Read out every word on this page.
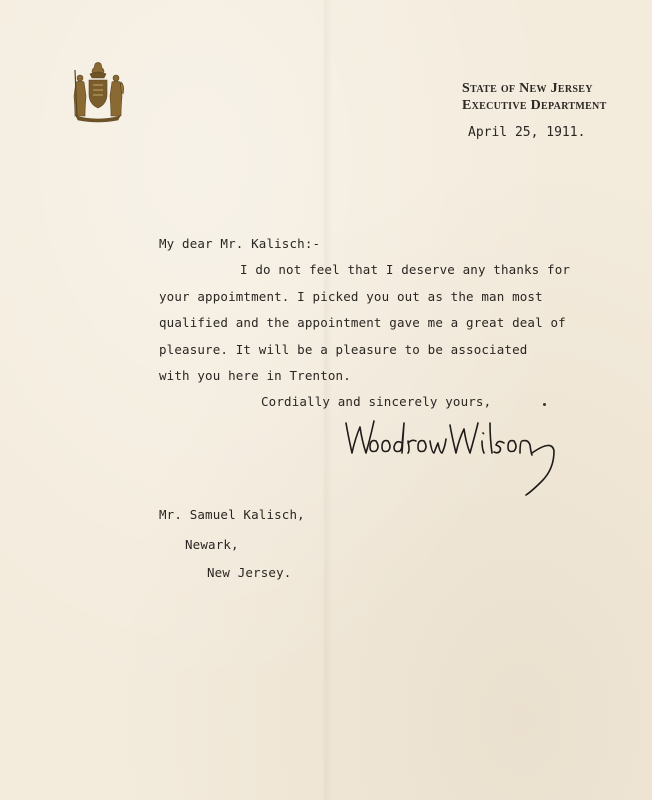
State of New Jersey
Executive Department
April 25, 1911.
My dear Mr. Kalisch:-
I do not feel that I deserve any thanks for
your appoimtment. I picked you out as the man most
qualified and the appointment gave me a great deal of
pleasure. It will be a pleasure to be associated
with you here in Trenton.
Cordially and sincerely yours,
Mr. Samuel Kalisch,
Newark,
New Jersey.
